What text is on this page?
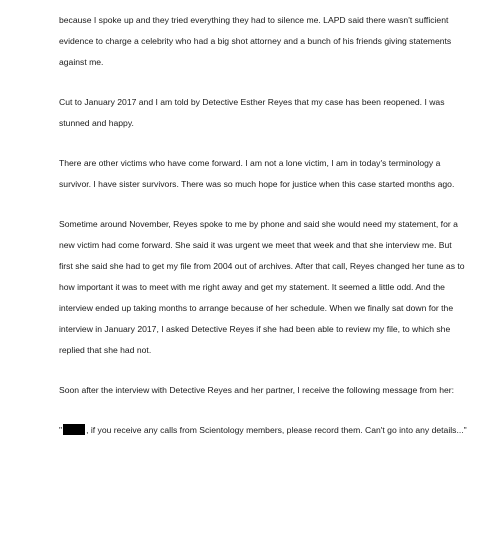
because I spoke up and they tried everything they had to silence me. LAPD said there wasn't sufficient evidence to charge a celebrity who had a big shot attorney and a bunch of his friends giving statements against me.

Cut to January 2017 and I am told by Detective Esther Reyes that my case has been reopened. I was stunned and happy.

There are other victims who have come forward. I am not a lone victim, I am in today's terminology a survivor. I have sister survivors. There was so much hope for justice when this case started months ago.

Sometime around November, Reyes spoke to me by phone and said she would need my statement, for a new victim had come forward. She said it was urgent we meet that week and that she interview me. But first she said she had to get my file from 2004 out of archives. After that call, Reyes changed her tune as to how important it was to meet with me right away and get my statement. It seemed a little odd. And the interview ended up taking months to arrange because of her schedule. When we finally sat down for the interview in January 2017, I asked Detective Reyes if she had been able to review my file, to which she replied that she had not.

Soon after the interview with Detective Reyes and her partner, I receive the following message from her:

"	, if you receive any calls from Scientology members, please record them. Can't go into any details..."
